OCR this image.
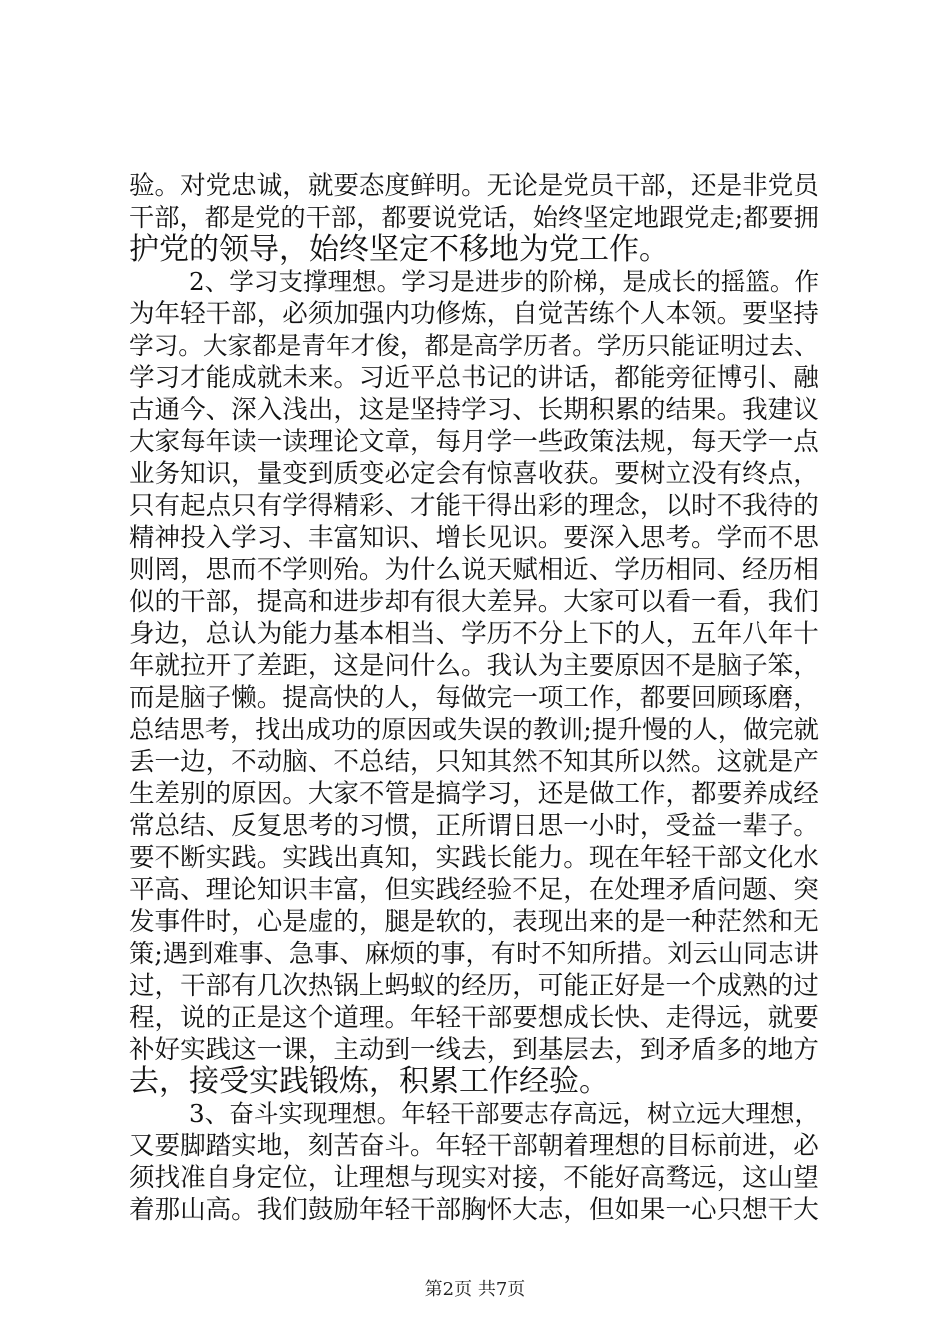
验。对党忠诚，就要态度鲜明。无论是党员干部，还是非党员
干部，都是党的干部，都要说党话，始终坚定地跟党走;都要拥
护党的领导，始终坚定不移地为党工作。
2、学习支撑理想。学习是进步的阶梯，是成长的摇篮。作
为年轻干部，必须加强内功修炼，自觉苦练个人本领。要坚持
学习。大家都是青年才俊，都是高学历者。学历只能证明过去、
学习才能成就未来。习近平总书记的讲话，都能旁征博引、融
古通今、深入浅出，这是坚持学习、长期积累的结果。我建议
大家每年读一读理论文章，每月学一些政策法规，每天学一点
业务知识，量变到质变必定会有惊喜收获。要树立没有终点，
只有起点只有学得精彩、才能干得出彩的理念，以时不我待的
精神投入学习、丰富知识、增长见识。要深入思考。学而不思
则罔，思而不学则殆。为什么说天赋相近、学历相同、经历相
似的干部，提高和进步却有很大差异。大家可以看一看，我们
身边，总认为能力基本相当、学历不分上下的人，五年八年十
年就拉开了差距，这是问什么。我认为主要原因不是脑子笨，
而是脑子懒。提高快的人，每做完一项工作，都要回顾琢磨，
总结思考，找出成功的原因或失误的教训;提升慢的人，做完就
丢一边，不动脑、不总结，只知其然不知其所以然。这就是产
生差别的原因。大家不管是搞学习，还是做工作，都要养成经
常总结、反复思考的习惯，正所谓日思一小时，受益一辈子。
要不断实践。实践出真知，实践长能力。现在年轻干部文化水
平高、理论知识丰富，但实践经验不足，在处理矛盾问题、突
发事件时，心是虚的，腿是软的，表现出来的是一种茫然和无
策;遇到难事、急事、麻烦的事，有时不知所措。刘云山同志讲
过，干部有几次热锅上蚂蚁的经历，可能正好是一个成熟的过
程，说的正是这个道理。年轻干部要想成长快、走得远，就要
补好实践这一课，主动到一线去，到基层去，到矛盾多的地方
去，接受实践锻炼，积累工作经验。
3、奋斗实现理想。年轻干部要志存高远，树立远大理想，
又要脚踏实地，刻苦奋斗。年轻干部朝着理想的目标前进，必
须找准自身定位，让理想与现实对接，不能好高骛远，这山望
着那山高。我们鼓励年轻干部胸怀大志，但如果一心只想干大
第2页 共7页
